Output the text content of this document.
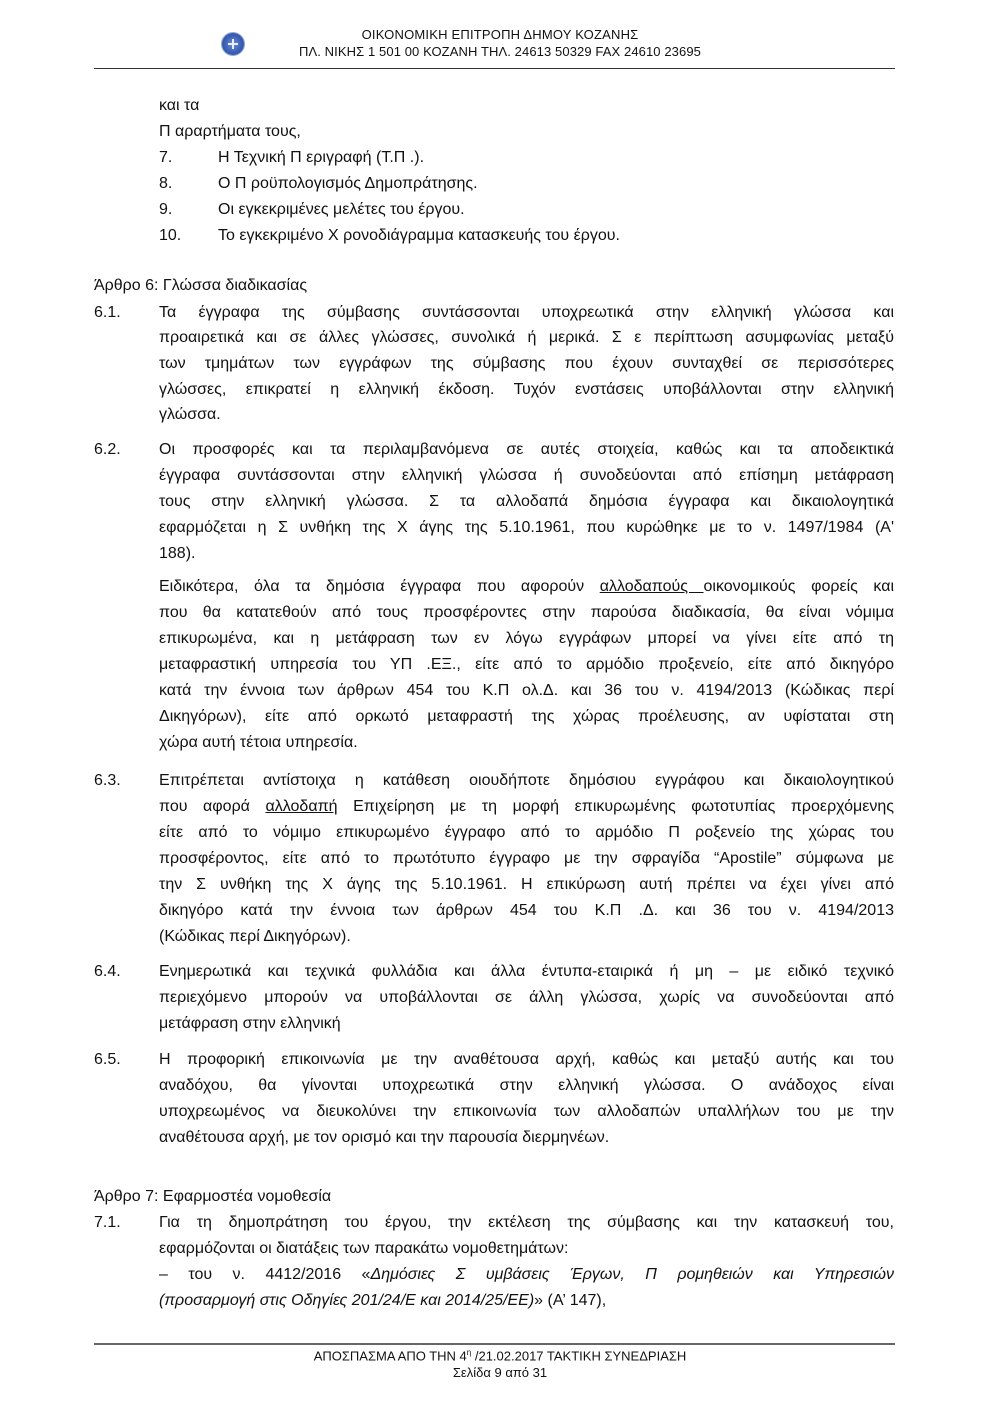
ΟΙΚΟΝΟΜΙΚΗ ΕΠΙΤΡΟΠΗ ΔΗΜΟΥ ΚΟΖΑΝΗΣ
ΠΛ. ΝΙΚΗΣ 1 501 00 ΚΟΖΑΝΗ ΤΗΛ. 24613 50329 FAX 24610 23695
και τα
Π αραρτήματα τους,
7.	Η Τεχνική Π εριγραφή (Τ.Π .).
8.	Ο Π ροϋπολογισμός Δημοπράτησης.
9.	Οι εγκεκριμένες μελέτες του έργου.
10. Το εγκεκριμένο Χ ρονοδιάγραμμα κατασκευής του έργου.
Άρθρο 6: Γλώσσα διαδικασίας
6.1. Τα έγγραφα της σύμβασης συντάσσονται υποχρεωτικά στην ελληνική γλώσσα και
προαιρετικά και σε άλλες γλώσσες, συνολικά ή μερικά. Σ ε περίπτωση ασυμφωνίας μεταξύ
των τμημάτων των εγγράφων της σύμβασης που έχουν συνταχθεί σε περισσότερες
γλώσσες, επικρατεί η ελληνική έκδοση. Τυχόν ενστάσεις υποβάλλονται στην ελληνική
γλώσσα.
6.2. Οι προσφορές και τα περιλαμβανόμενα σε αυτές στοιχεία, καθώς και τα αποδεικτικά
έγγραφα συντάσσονται στην ελληνική γλώσσα ή συνοδεύονται από επίσημη μετάφραση
τους στην ελληνική γλώσσα. Σ τα αλλοδαπά δημόσια έγγραφα και δικαιολογητικά
εφαρμόζεται η Σ υνθήκη της Χ άγης της 5.10.1961, που κυρώθηκε με το ν. 1497/1984 (Α'
188).
Ειδικότερα, όλα τα δημόσια έγγραφα που αφορούν αλλοδαπούς οικονομικούς φορείς και
που θα κατατεθούν από τους προσφέροντες στην παρούσα διαδικασία, θα είναι νόμιμα
επικυρωμένα, και η μετάφραση των εν λόγω εγγράφων μπορεί να γίνει είτε από τη
μεταφραστική υπηρεσία του ΥΠ .ΕΞ., είτε από το αρμόδιο προξενείο, είτε από δικηγόρο
κατά την έννοια των άρθρων 454 του Κ.Π ολ.Δ. και 36 του ν. 4194/2013 (Κώδικας περί
Δικηγόρων), είτε από ορκωτό μεταφραστή της χώρας προέλευσης, αν υφίσταται στη
χώρα αυτή τέτοια υπηρεσία.
6.3. Επιτρέπεται αντίστοιχα η κατάθεση οιουδήποτε δημόσιου εγγράφου και δικαιολογητικού
που αφορά αλλοδαπή Επιχείρηση με τη μορφή επικυρωμένης φωτοτυπίας προερχόμενης
είτε από το νόμιμο επικυρωμένο έγγραφο από το αρμόδιο Π ροξενείο της χώρας του
προσφέροντος, είτε από το πρωτότυπο έγγραφο με την σφραγίδα “Apostile” σύμφωνα με
την Σ υνθήκη της Χ άγης της 5.10.1961. Η επικύρωση αυτή πρέπει να έχει γίνει από
δικηγόρο κατά την έννοια των άρθρων 454 του Κ.Π .Δ. και 36 του ν. 4194/2013
(Κώδικας περί Δικηγόρων).
6.4. Ενημερωτικά και τεχνικά φυλλάδια και άλλα έντυπα-εταιρικά ή μη – με ειδικό τεχνικό
περιεχόμενο μπορούν να υποβάλλονται σε άλλη γλώσσα, χωρίς να συνοδεύονται από
μετάφραση στην ελληνική
6.5. Η προφορική επικοινωνία με την αναθέτουσα αρχή, καθώς και μεταξύ αυτής και του
αναδόχου, θα γίνονται υποχρεωτικά στην ελληνική γλώσσα. Ο ανάδοχος είναι
υποχρεωμένος να διευκολύνει την επικοινωνία των αλλοδαπών υπαλλήλων του με την
αναθέτουσα αρχή, με τον ορισμό και την παρουσία διερμηνέων.
Άρθρο 7: Εφαρμοστέα νομοθεσία
7.1. Για τη δημοπράτηση του έργου, την εκτέλεση της σύμβασης και την κατασκευή του,
εφαρμόζονται οι διατάξεις των παρακάτω νομοθετημάτων:
– του ν. 4412/2016 «Δημόσιες Σ υμβάσεις Έργων, Π ρομηθειών και Υπηρεσιών
(προσαρμογή στις Οδηγίες 201/24/Ε και 2014/25/ΕΕ)» (Α’ 147),
ΑΠΟΣΠΑΣΜΑ ΑΠΟ ΤΗΝ $4^\eta$ /21.02.2017 ΤΑΚΤΙΚΗ ΣΥΝΕΔΡΙΑΣΗ
Σελίδα 9 από 31
